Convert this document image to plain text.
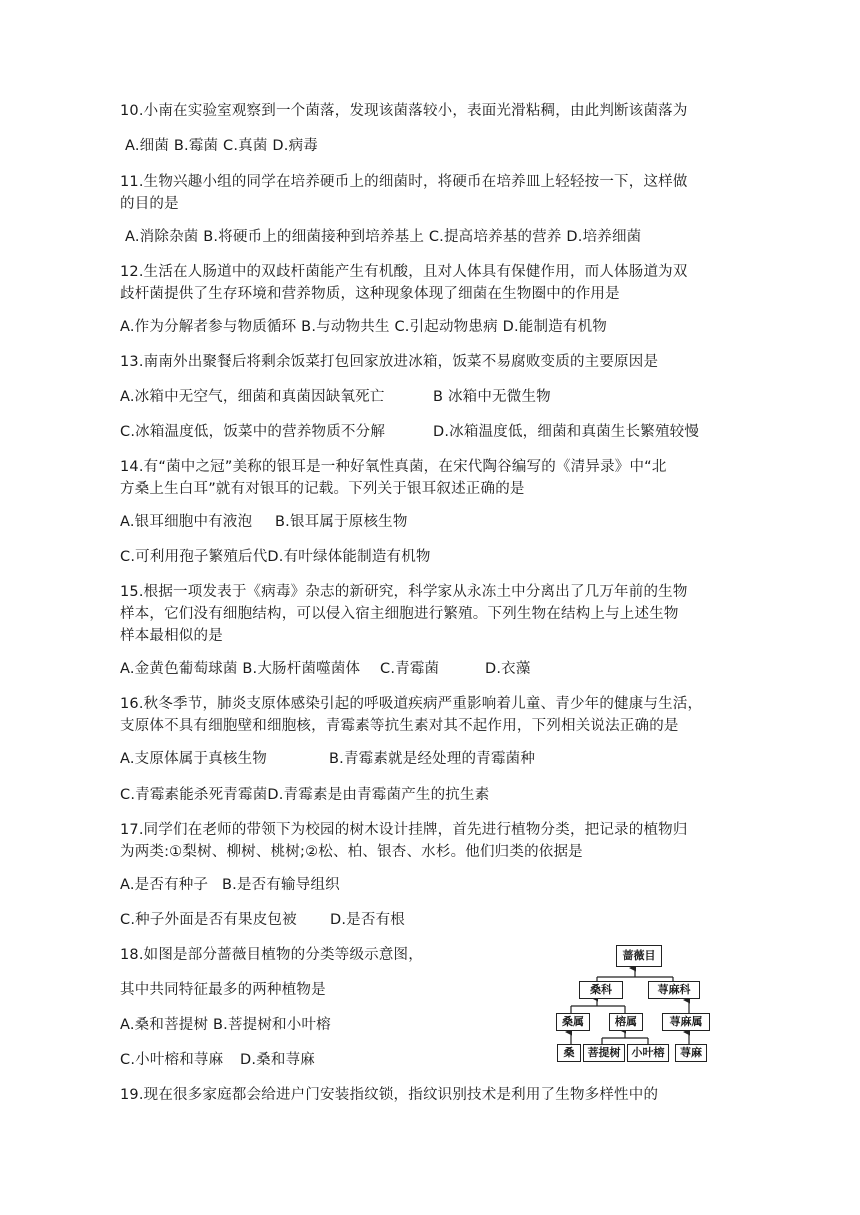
10.小南在实验室观察到一个菌落，发现该菌落较小，表面光滑粘稠，由此判断该菌落为
A.细菌 B.霉菌 C.真菌 D.病毒
11.生物兴趣小组的同学在培养硬币上的细菌时，将硬币在培养皿上轻轻按一下，这样做
的目的是
A.消除杂菌 B.将硬币上的细菌接种到培养基上 C.提高培养基的营养 D.培养细菌
12.生活在人肠道中的双歧杆菌能产生有机酸，且对人体具有保健作用，而人体肠道为双
歧杆菌提供了生存环境和营养物质，这种现象体现了细菌在生物圈中的作用是
A.作为分解者参与物质循环 B.与动物共生 C.引起动物患病 D.能制造有机物
13.南南外出聚餐后将剩余饭菜打包回家放进冰箱，饭菜不易腐败变质的主要原因是
A.冰箱中无空气，细菌和真菌因缺氧死亡	B 冰箱中无微生物
C.冰箱温度低，饭菜中的营养物质不分解	D.冰箱温度低，细菌和真菌生长繁殖较慢
14.有“菌中之冠”美称的银耳是一种好氧性真菌，在宋代陶谷编写的《清异录》中“北
方桑上生白耳”就有对银耳的记载。下列关于银耳叙述正确的是
A.银耳细胞中有液泡 B.银耳属于原核生物
C.可利用孢子繁殖后代D.有叶绿体能制造有机物
15.根据一项发表于《病毒》杂志的新研究，科学家从永冻土中分离出了几万年前的生物
样本，它们没有细胞结构，可以侵入宿主细胞进行繁殖。下列生物在结构上与上述生物
样本最相似的是
A.金黄色葡萄球菌 B.大肠杆菌噬菌体 C.青霉菌	D.衣藻
16.秋冬季节，肺炎支原体感染引起的呼吸道疾病严重影响着儿童、青少年的健康与生活，
支原体不具有细胞壁和细胞核，青霉素等抗生素对其不起作用，下列相关说法正确的是
A.支原体属于真核生物	B.青霉素就是经处理的青霉菌种
C.青霉素能杀死青霉菌D.青霉素是由青霉菌产生的抗生素
17.同学们在老师的带领下为校园的树木设计挂牌，首先进行植物分类，把记录的植物归
为两类:①梨树、柳树、桃树;②松、柏、银杏、水杉。他们归类的依据是
A.是否有种子 B.是否有输导组织
C.种子外面是否有果皮包被 D.是否有根
18.如图是部分蔷薇目植物的分类等级示意图，
其中共同特征最多的两种植物是
A.桑和菩提树 B.菩提树和小叶榕
C.小叶榕和荨麻 D.桑和荨麻
蔷薇目
桑科	荨麻科
桑属	榕属	荨麻属
桑	菩提树	小叶榕	荨麻
19.现在很多家庭都会给进户门安装指纹锁，指纹识别技术是利用了生物多样性中的
